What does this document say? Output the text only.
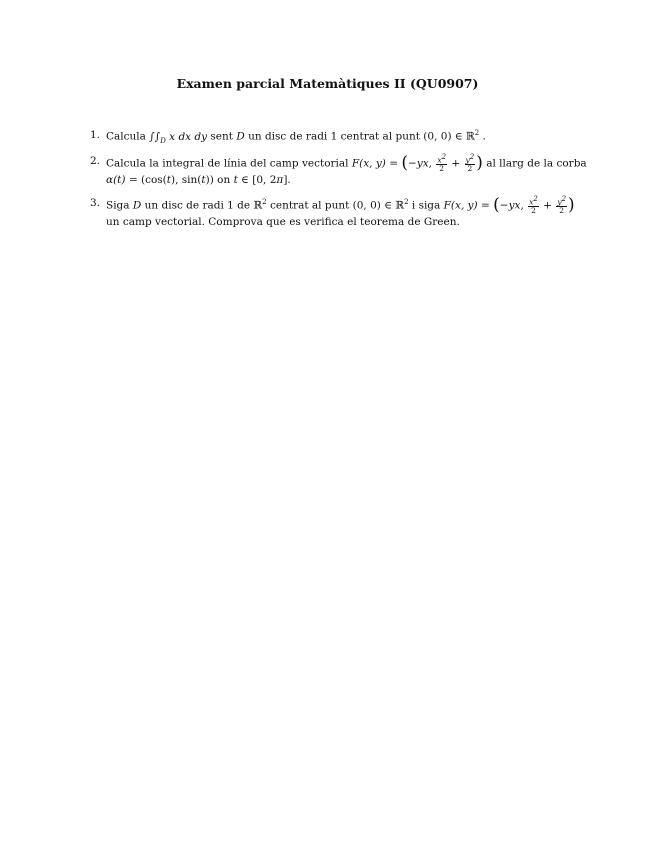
Examen parcial Matemàtiques II (QU0907)
1. Calcula $\int\int_D$ x dx dy sent D un disc de radi 1 centrat al punt (0, 0) ∈ ℝ$^2$ .
2. Calcula la integral de línia del camp vectorial F(x, y) = (−yx, $\frac{x^2}{2} + \frac{y^2}{2}$ ) al llarg de la corba
α(t) = (cos(t), sin(t)) on t ∈ [0, 2π].
3. Siga D un disc de radi 1 de ℝ$^2$ centrat al punt (0, 0) ∈ ℝ$^2$ i siga F(x, y) = (−yx, $\frac{x^2}{2} + \frac{y^2}{2}$ )
un camp vectorial. Comprova que es verifica el teorema de Green.
